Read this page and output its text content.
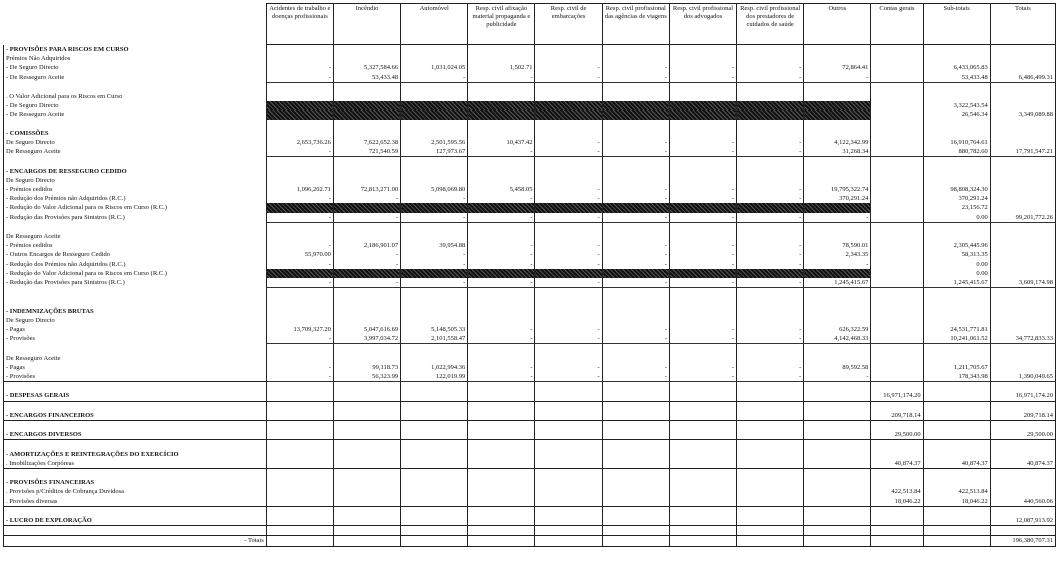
	Acidentes de trabalho e doenças profissionais	Incêndio	Automóvel	Resp. civil afixação material propaganda e publicidade	Resp. civil de embarcações	Resp. civil profissional das agências de viagens	Resp. civil profissional dos advogados	Resp. civil profissional dos prestadores de cuidados de saúde	Outros	Contas gerais	Sub-totais	Totais
- PROVISÕES PARA RISCOS EM CURSO												
Prémios Não Adquiridos												
- De Seguro Directo	-	5,327,584.66	1,031,024.05	1,502.71	-	-	-	-	72,864.41		6,433,065.83	
- De Resseguro Aceite	-	53,433.48	-	-	-	-	-	-	-		53,433.48	6,486,499.31

. O Valor Adicional para os Riscos em Curso												
- De Seguro Directo											3,322,543.54	
- De Resseguro Aceite											26,546.34	3,349,089.88

- COMISSÕES												
De Seguro Directo	2,653,736.26	7,622,652.38	2,501,595.56	10,437.42	-	-	-	-	4,122,342.99		16,910,764.61	
De Resseguro Aceite	-	721,540.59	127,973.67	-	-	-	-	-	31,268.34		880,782.60	17,791,547.21

- ENCARGOS DE RESSEGURO CEDIDO												
De Seguro Directo												
- Prémios cedidos	1,096,202.71	72,813,271.00	5,098,069.80	5,458.05	-	-	-	-	19,795,322.74		98,808,324.30	
- Redução dos Prémios não Adquiridos (R.C.)	-	-	-	-	-	-	-	-	370,291.24		370,291.24	
- Redução do Valor Adicional para os Riscos em Curso (R.C.)											23,156.72	
- Redução das Provisões para Sinistros (R.C.)	-	-	-	-	-	-	-	-	-		0.00	99,201,772.26

De Resseguro Aceite												
- Prémios cedidos	-	2,186,901.07	39,954.88	-	-	-	-	-	78,590.01		2,305,445.96	
- Outros Encargos de Resseguro Cedido	55,970.00	-	-	-	-	-	-	-	2,343.35		58,313.35	
- Redução dos Prémios não Adquiridos (R.C.)	-	-	-	-	-	-	-	-	-		0.00	
- Redução do Valor Adicional para os Riscos em Curso (R.C.)											0.00	
- Redução das Provisões para Sinistros (R.C.)	-	-	-	-	-	-	-	-	1,245,415.67		1,245,415.67	3,609,174.98

- INDEMNIZAÇÕES BRUTAS												
De Seguro Directo												
- Pagas	13,709,327.20	5,047,616.69	5,148,505.33	-	-	-	-	-	626,322.59		24,531,771.81	
- Provisões	-	3,997,034.72	2,101,558.47	-	-	-	-	-	4,142,468.33		10,241,061.52	34,772,833.33

De Resseguro Aceite												
- Pagas	-	99,118.73	1,022,994.36	-	-	-	-	-	89,592.58		1,211,705.67	
- Provisões	-	56,323.99	122,019.99	-	-	-	-	-	-		178,343.98	1,390,049.65

- DESPESAS GERAIS										16,971,174.20		16,971,174.20

- ENCARGOS FINANCEIROS										209,718.14		209,718.14

- ENCARGOS DIVERSOS										29,500.00		29,500.00

- AMORTIZAÇÕES E REINTEGRAÇÕES DO EXERCÍCIO												
. Imobilizações Corpóreas										40,874.37	40,874.37	40,874.37

- PROVISÕES FINANCEIRAS												
. Provisões p/Créditos de Cobrança Duvidosa										422,513.84	422,513.84	
. Provisões diversas										18,046.22	18,046.22	440,560.06

- LUCRO DE EXPLORAÇÃO												12,087,913.92

- Totais												196,380,707.31
